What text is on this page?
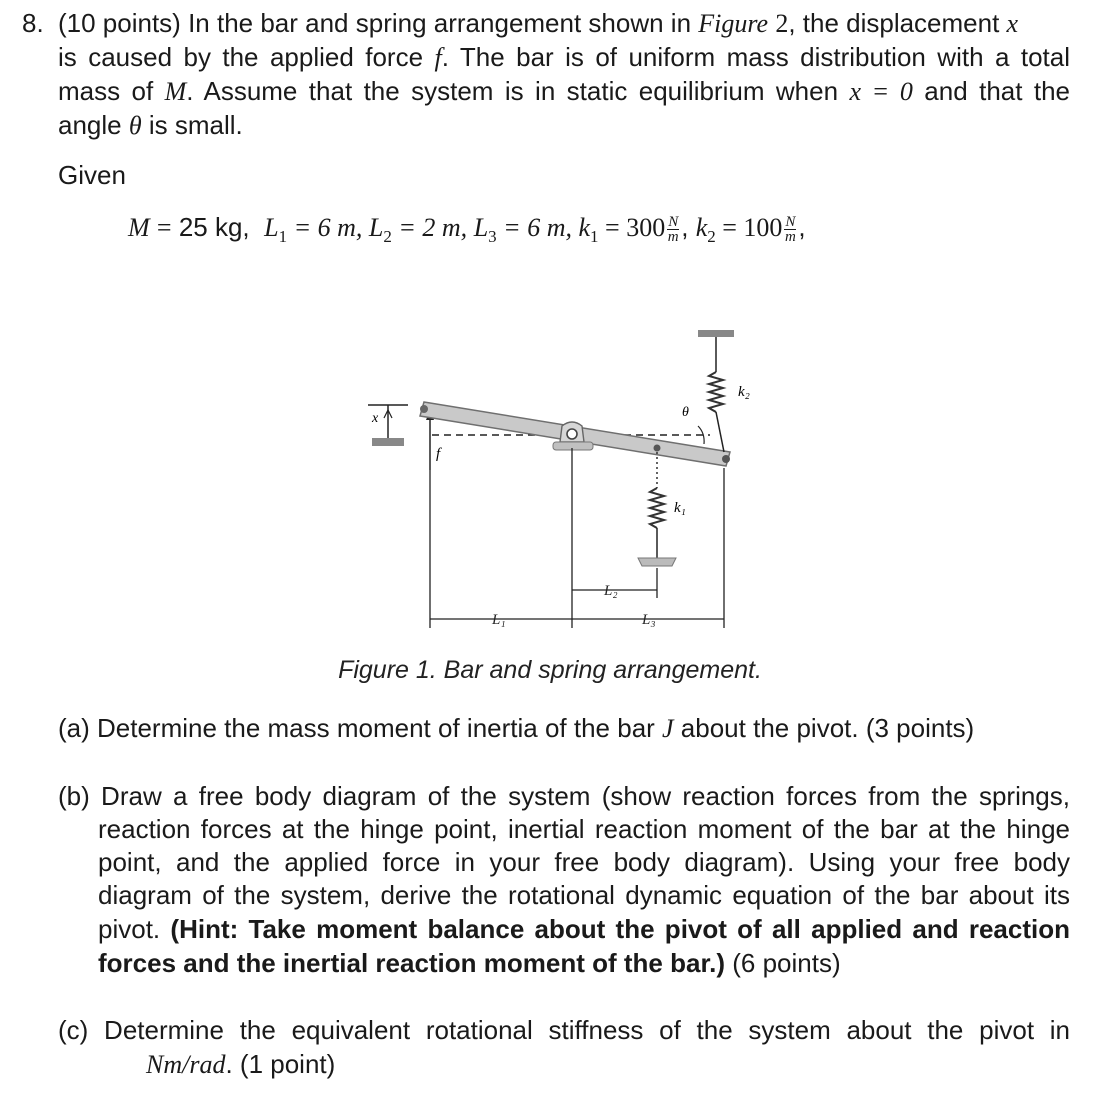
8. (10 points) In the bar and spring arrangement shown in Figure 2, the displacement x
is caused by the applied force f. The bar is of uniform mass distribution with a total
mass of M. Assume that the system is in static equilibrium when x = 0 and that the
angle θ is small.
Given
M = 25 kg, $L_1 = 6$ m, $L_2 = 2$ m, $L_3 = 6$ m, $k_1 = 300 \frac{N}{m}$ , $k_2 = 100 \frac{N}{m}$ ,
x
f
θ
k₁
k₂
L₁
L₂
L₃
Figure 1. Bar and spring arrangement.
(a) Determine the mass moment of inertia of the bar J about the pivot. (3 points)
(b) Draw a free body diagram of the system (show reaction forces from the springs,
reaction forces at the hinge point, inertial reaction moment of the bar at the hinge
point, and the applied force in your free body diagram). Using your free body
diagram of the system, derive the rotational dynamic equation of the bar about its
pivot. (Hint: Take moment balance about the pivot of all applied and reaction
forces and the inertial reaction moment of the bar.) (6 points)
(c) Determine the equivalent rotational stiffness of the system about the pivot in
Nm/rad. (1 point)
